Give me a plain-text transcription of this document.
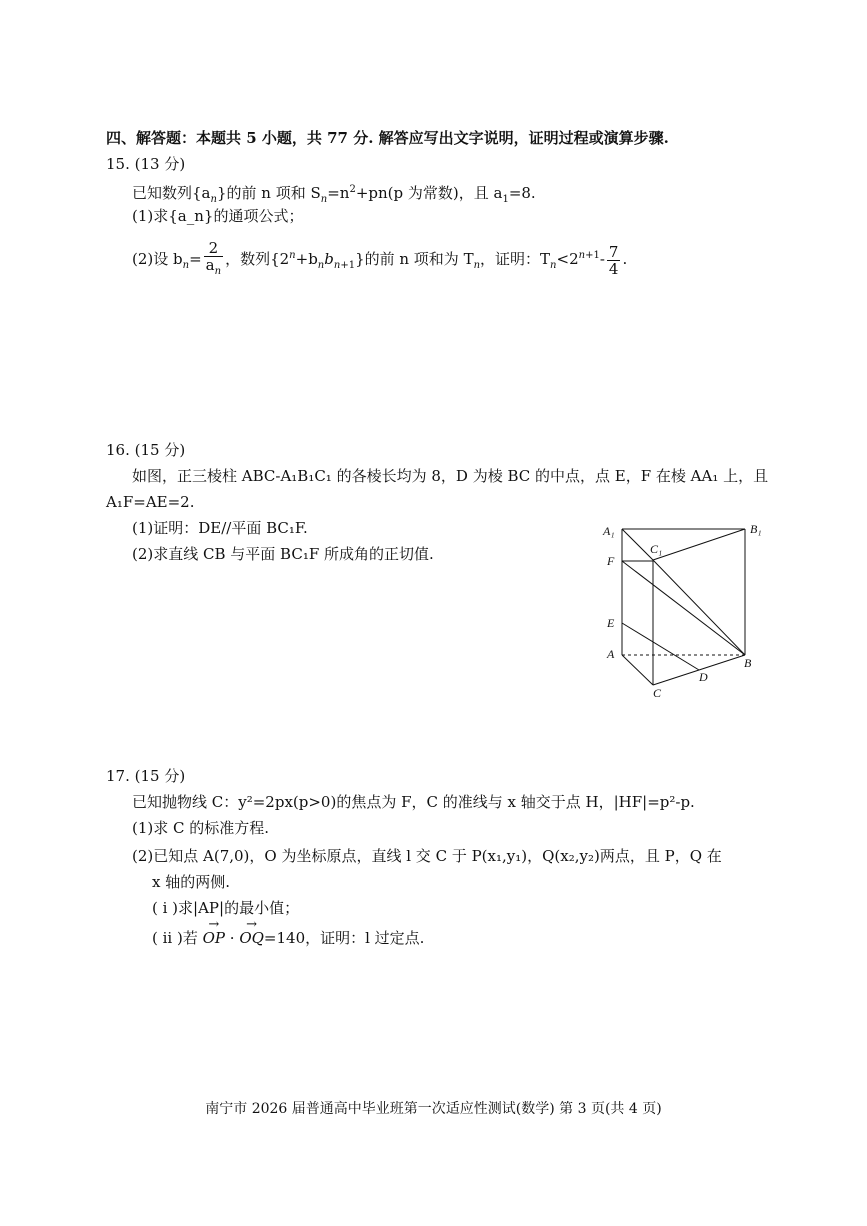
四、解答题：本题共 5 小题，共 77 分. 解答应写出文字说明，证明过程或演算步骤.
15. (13 分)
已知数列$\{a_n\}$的前 n 项和 $S_n=n^2+pn(p$ 为常数)，且 $a_1=8$.
(1)求{a_n}的通项公式；
(2)设 $b_n= \frac{2}{a_n}$ ，数列$\{2^n+b_nb_{n+1}\}$的前 n 项和为 $T_n$，证明：$T_n<2^{n+1}- \frac{7}{4}$ .
16. (15 分)
如图，正三棱柱 ABC-A₁B₁C₁ 的各棱长均为 8，D 为棱 BC 的中点，点 E，F 在棱 AA₁ 上，且
A₁F=AE=2.
(1)证明：DE//平面 BC₁F.
(2)求直线 CB 与平面 BC₁F 所成角的正切值.
A₁	B₁
C₁
F
E
A
B
C
D
17. (15 分)
已知抛物线 C：y²=2px(p>0)的焦点为 F，C 的准线与 x 轴交于点 H，|HF|=p²-p.
(1)求 C 的标准方程.
(2)已知点 A(7,0)，O 为坐标原点，直线 l 交 C 于 P(x₁,y₁)，Q(x₂,y₂)两点，且 P，Q 在
x 轴的两侧.
( i )求|AP|的最小值；
( ii )若 → OP · → OQ=140，证明：l 过定点.
南宁市 2026 届普通高中毕业班第一次适应性测试(数学) 第 3 页(共 4 页)
